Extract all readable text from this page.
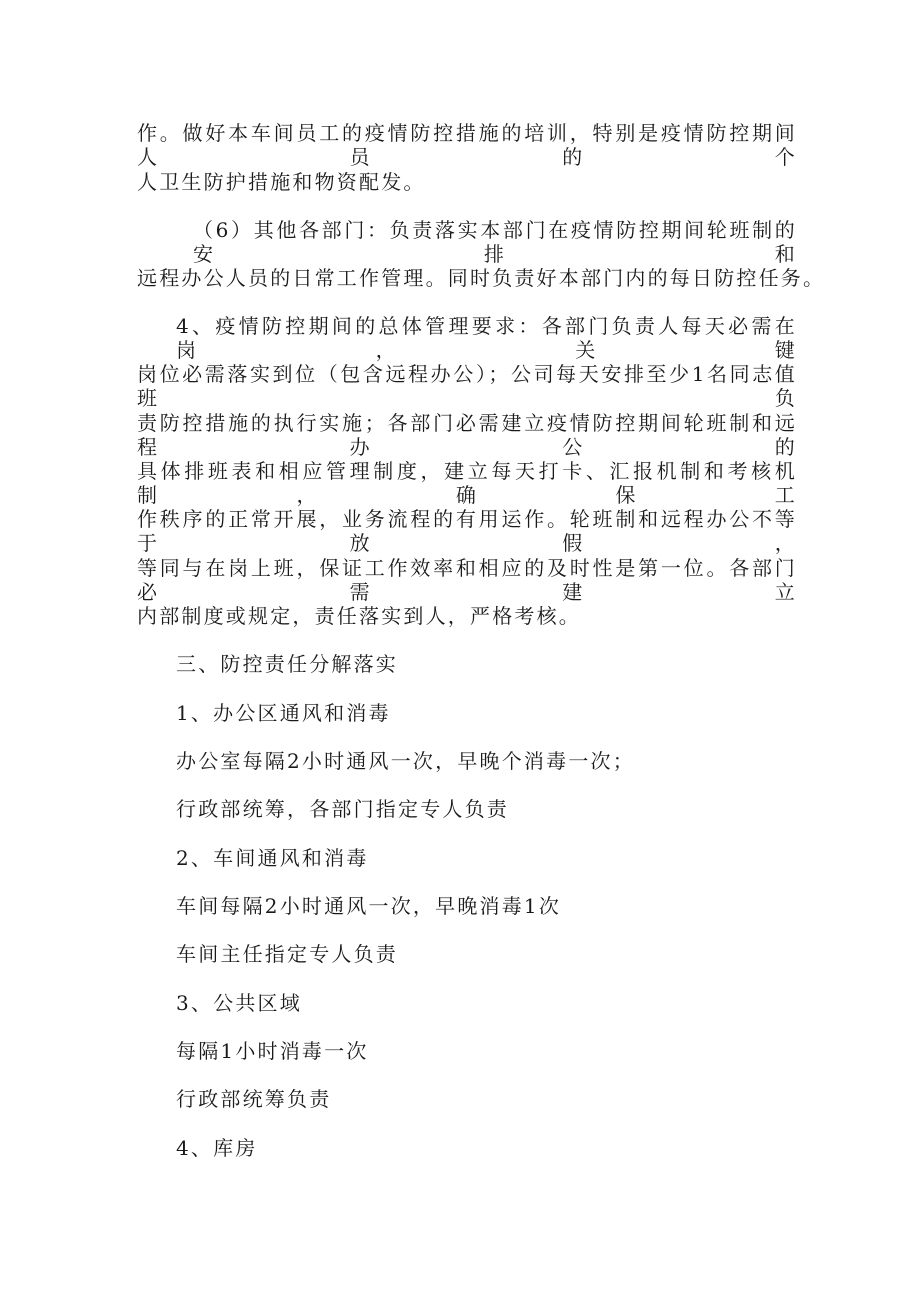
作。做好本车间员工的疫情防控措施的培训，特别是疫情防控期间人员的个
人卫生防护措施和物资配发。
（6）其他各部门：负责落实本部门在疫情防控期间轮班制的安排和
远程办公人员的日常工作管理。同时负责好本部门内的每日防控任务。
4、疫情防控期间的总体管理要求：各部门负责人每天必需在岗，关键
岗位必需落实到位（包含远程办公）；公司每天安排至少1名同志值班负
责防控措施的执行实施；各部门必需建立疫情防控期间轮班制和远程办公的
具体排班表和相应管理制度，建立每天打卡、汇报机制和考核机制，确保工
作秩序的正常开展，业务流程的有用运作。轮班制和远程办公不等于放假，
等同与在岗上班，保证工作效率和相应的及时性是第一位。各部门必需建立
内部制度或规定，责任落实到人，严格考核。
三、防控责任分解落实
1、办公区通风和消毒
办公室每隔2小时通风一次，早晚个消毒一次；
行政部统筹，各部门指定专人负责
2、车间通风和消毒
车间每隔2小时通风一次，早晚消毒1次
车间主任指定专人负责
3、公共区域
每隔1小时消毒一次
行政部统筹负责
4、库房
